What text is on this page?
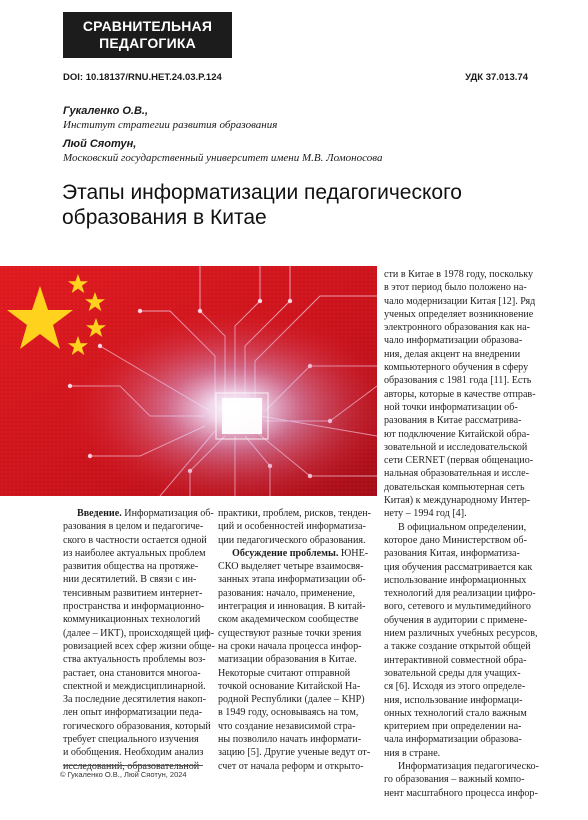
СРАВНИТЕЛЬНАЯ
ПЕДАГОГИКА
DOI: 10.18137/RNU.HET.24.03.P.124	УДК 37.013.74
Гукаленко О.В.,
Институт стратегии развития образования
Люй Сяотун,
Московский государственный университет имени М.В. Ломоносова
Этапы информатизации педагогического
образования в Китае
Введение. Информатизация об-
разования в целом и педагогиче-
ского в частности остается одной
из наиболее актуальных проблем
развития общества на протяже-
нии десятилетий. В связи с ин-
тенсивным развитием интернет-
пространства и информационно-
коммуникационных технологий
(далее – ИКТ), происходящей циф-
ровизацией всех сфер жизни обще-
ства актуальность проблемы воз-
растает, она становится многоа-
спектной и междисциплинарной.
За последние десятилетия накоп-
лен опыт информатизации педа-
гогического образования, который
требует специального изучения
и обобщения. Необходим анализ
исследований, образовательной
практики, проблем, рисков, тенден-
ций и особенностей информатиза-
ции педагогического образования.
Обсуждение проблемы. ЮНЕ-
СКО выделяет четыре взаимосвя-
занных этапа информатизации об-
разования: начало, применение,
интеграция и инновация. В китай-
ском академическом сообществе
существуют разные точки зрения
на сроки начала процесса инфор-
матизации образования в Китае.
Некоторые считают отправной
точкой основание Китайской На-
родной Республики (далее – КНР)
в 1949 году, основываясь на том,
что создание независимой стра-
ны позволило начать информати-
зацию [5]. Другие ученые ведут от-
счет от начала реформ и открыто-
сти в Китае в 1978 году, поскольку
в этот период было положено на-
чало модернизации Китая [12]. Ряд
ученых определяет возникновение
электронного образования как на-
чало информатизации образова-
ния, делая акцент на внедрении
компьютерного обучения в сферу
образования с 1981 года [11]. Есть
авторы, которые в качестве отправ-
ной точки информатизации об-
разования в Китае рассматрива-
ют подключение Китайской обра-
зовательной и исследовательской
сети CERNET (первая общенацио-
нальная образовательная и иссле-
довательская компьютерная сеть
Китая) к международному Интер-
нету – 1994 год [4].
В официальном определении,
которое дано Министерством об-
разования Китая, информатиза-
ция обучения рассматривается как
использование информационных
технологий для реализации цифро-
вого, сетевого и мультимедийного
обучения в аудитории с примене-
нием различных учебных ресурсов,
а также создание открытой общей
интерактивной совместной обра-
зовательной среды для учащих-
ся [6]. Исходя из этого определе-
ния, использование информаци-
онных технологий стало важным
критерием при определении на-
чала информатизации образова-
ния в стране.
Информатизация педагогическо-
го образования – важный компо-
нент масштабного процесса инфор-
© Гукаленко О.В., Люй Сяотун, 2024
